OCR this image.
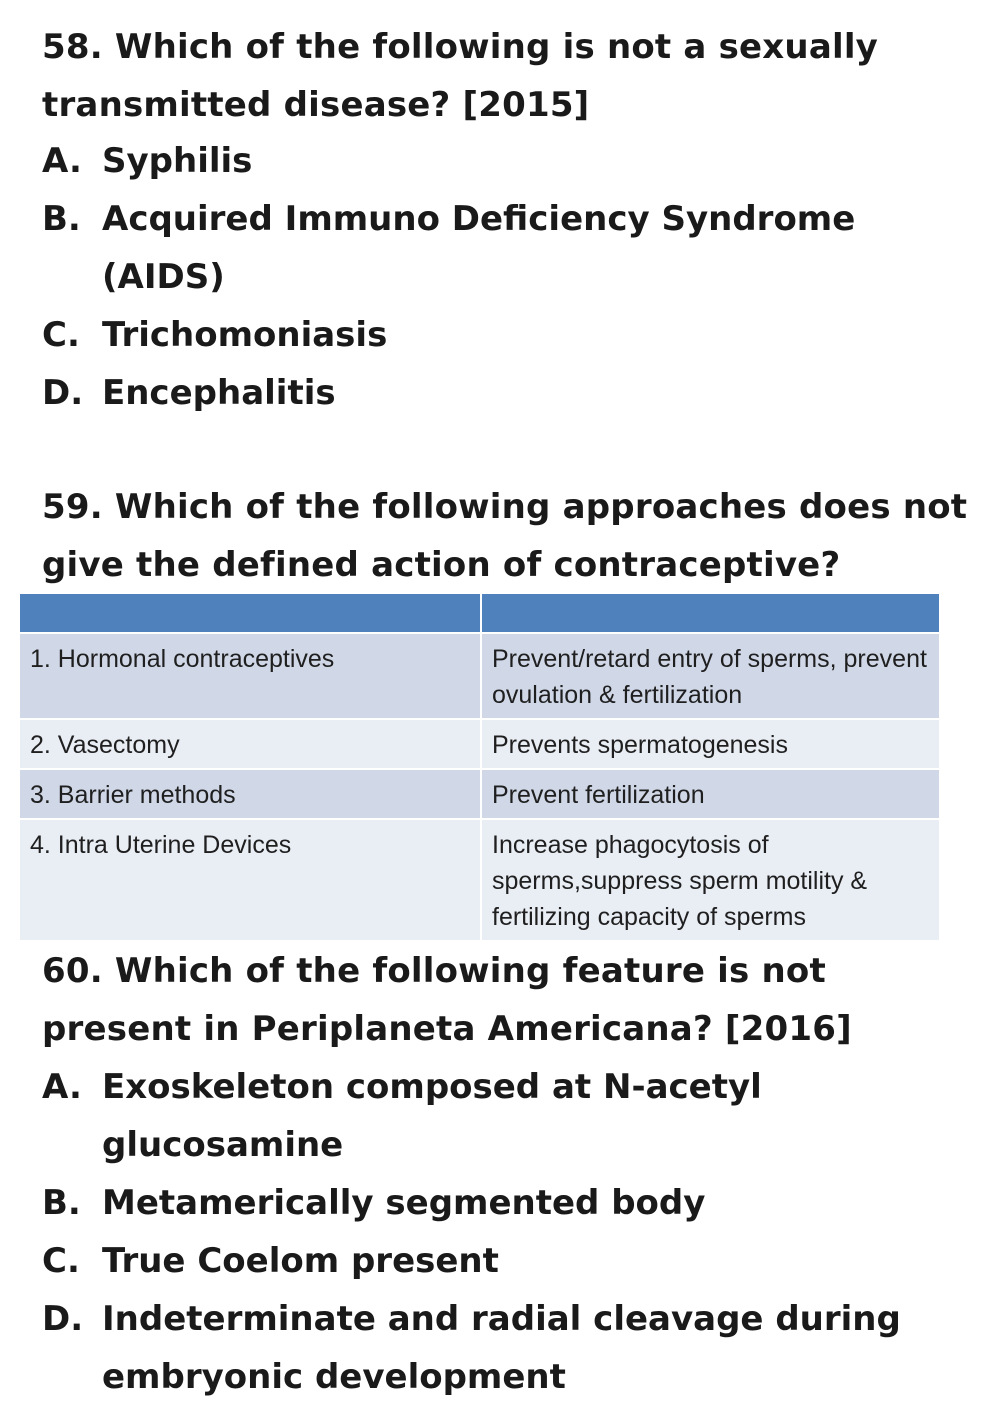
58. Which of the following is not a sexually transmitted disease? [2015]
A. Syphilis
B. Acquired Immuno Deficiency Syndrome (AIDS)
C. Trichomoniasis
D. Encephalitis
59. Which of the following approaches does not give the defined action of contraceptive?

1. Hormonal contraceptives	Prevent/retard entry of sperms, prevent ovulation & fertilization
2. Vasectomy	Prevents spermatogenesis
3. Barrier methods	Prevent fertilization
4. Intra Uterine Devices	Increase phagocytosis of sperms,suppress sperm motility & fertilizing capacity of sperms
60. Which of the following feature is not present in Periplaneta Americana? [2016]
A. Exoskeleton composed at N-acetyl glucosamine
B. Metamerically segmented body
C. True Coelom present
D. Indeterminate and radial cleavage during embryonic development
